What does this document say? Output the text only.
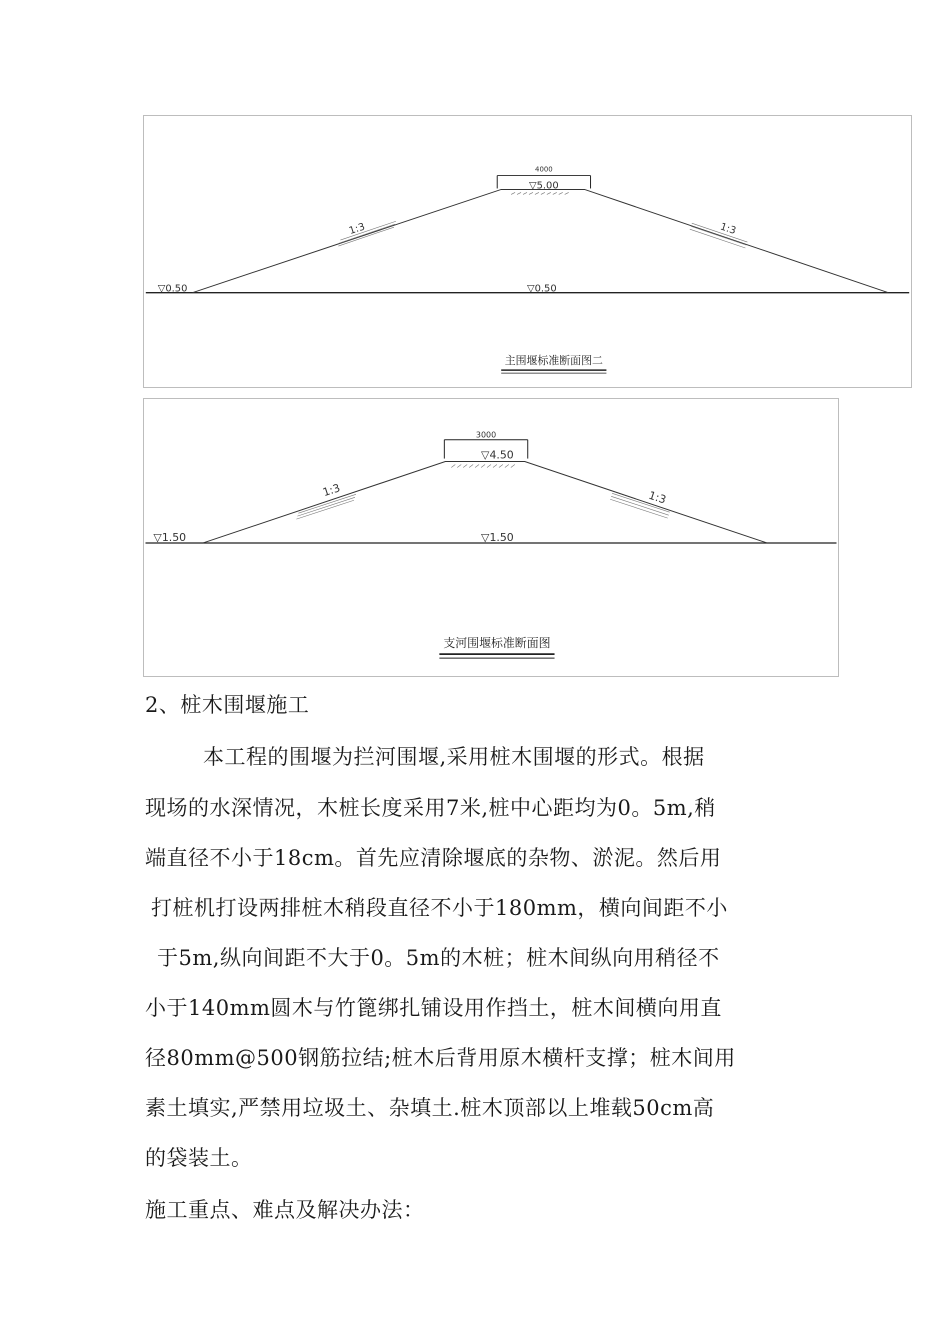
4000
▽5.00
1:3	1:3
▽0.50	▽0.50
主围堰标准断面图二
3000
▽4.50
1:3	1:3
▽1.50	▽1.50
支河围堰标准断面图
2、桩木围堰施工
本工程的围堰为拦河围堰,采用桩木围堰的形式。根据
现场的水深情况，木桩长度采用7米,桩中心距均为0。5m,稍
端直径不小于18cm。首先应清除堰底的杂物、淤泥。然后用
打桩机打设两排桩木稍段直径不小于180mm，横向间距不小
于5m,纵向间距不大于0。5m的木桩；桩木间纵向用稍径不
小于140mm圆木与竹篦绑扎铺设用作挡土，桩木间横向用直
径80mm@500钢筋拉结;桩木后背用原木横杆支撑；桩木间用
素土填实,严禁用垃圾土、杂填土.桩木顶部以上堆载50cm高
的袋装土。
施工重点、难点及解决办法：
